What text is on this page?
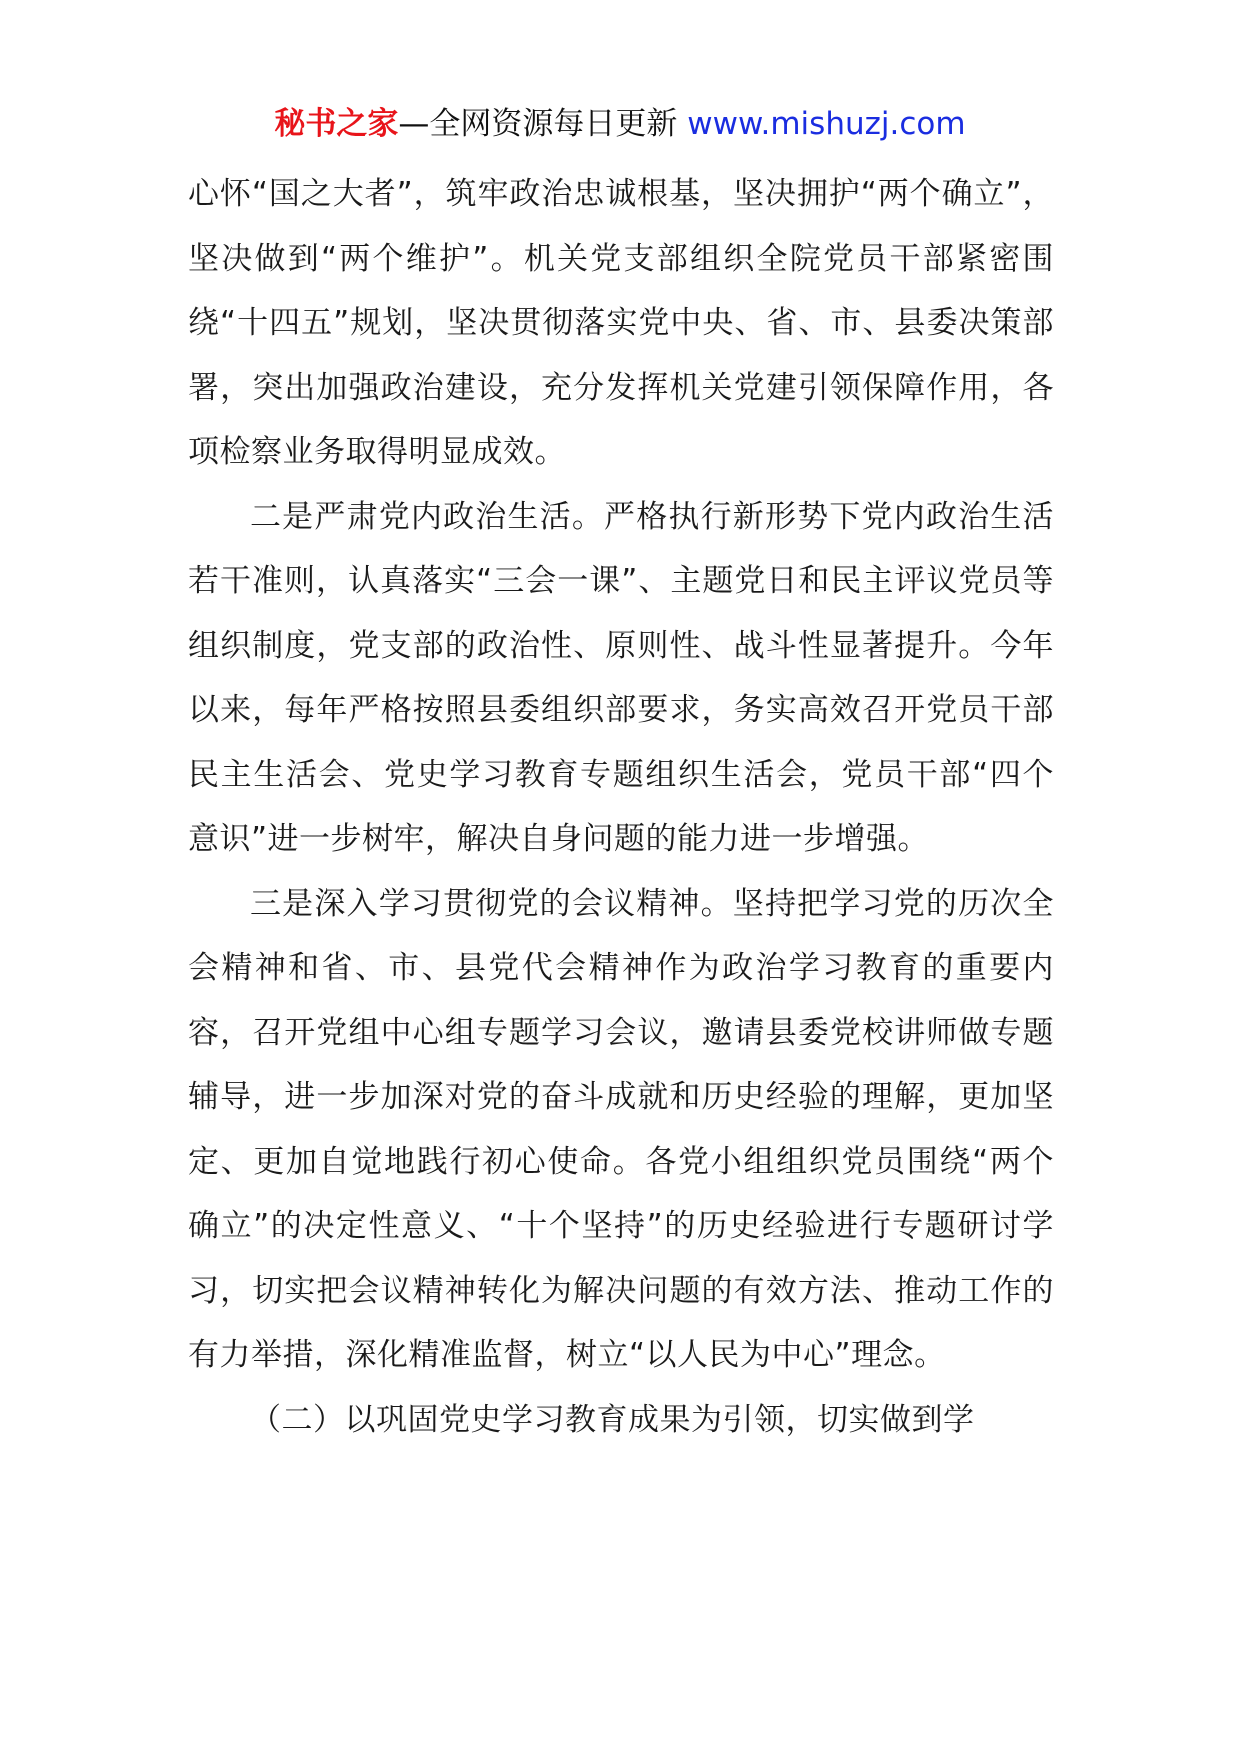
秘书之家—全网资源每日更新 www.mishuzj.com

心怀“国之大者”，筑牢政治忠诚根基，坚决拥护“两个确立”，坚决做到“两个维护”。机关党支部组织全院党员干部紧密围绕“十四五”规划，坚决贯彻落实党中央、省、市、县委决策部署，突出加强政治建设，充分发挥机关党建引领保障作用，各项检察业务取得明显成效。

二是严肃党内政治生活。严格执行新形势下党内政治生活若干准则，认真落实“三会一课”、主题党日和民主评议党员等组织制度，党支部的政治性、原则性、战斗性显著提升。今年以来，每年严格按照县委组织部要求，务实高效召开党员干部民主生活会、党史学习教育专题组织生活会，党员干部“四个意识”进一步树牢，解决自身问题的能力进一步增强。

三是深入学习贯彻党的会议精神。坚持把学习党的历次全会精神和省、市、县党代会精神作为政治学习教育的重要内容，召开党组中心组专题学习会议，邀请县委党校讲师做专题辅导，进一步加深对党的奋斗成就和历史经验的理解，更加坚定、更加自觉地践行初心使命。各党小组组织党员围绕“两个确立”的决定性意义、“十个坚持”的历史经验进行专题研讨学习，切实把会议精神转化为解决问题的有效方法、推动工作的有力举措，深化精准监督，树立“以人民为中心”理念。

（二）以巩固党史学习教育成果为引领，切实做到学
